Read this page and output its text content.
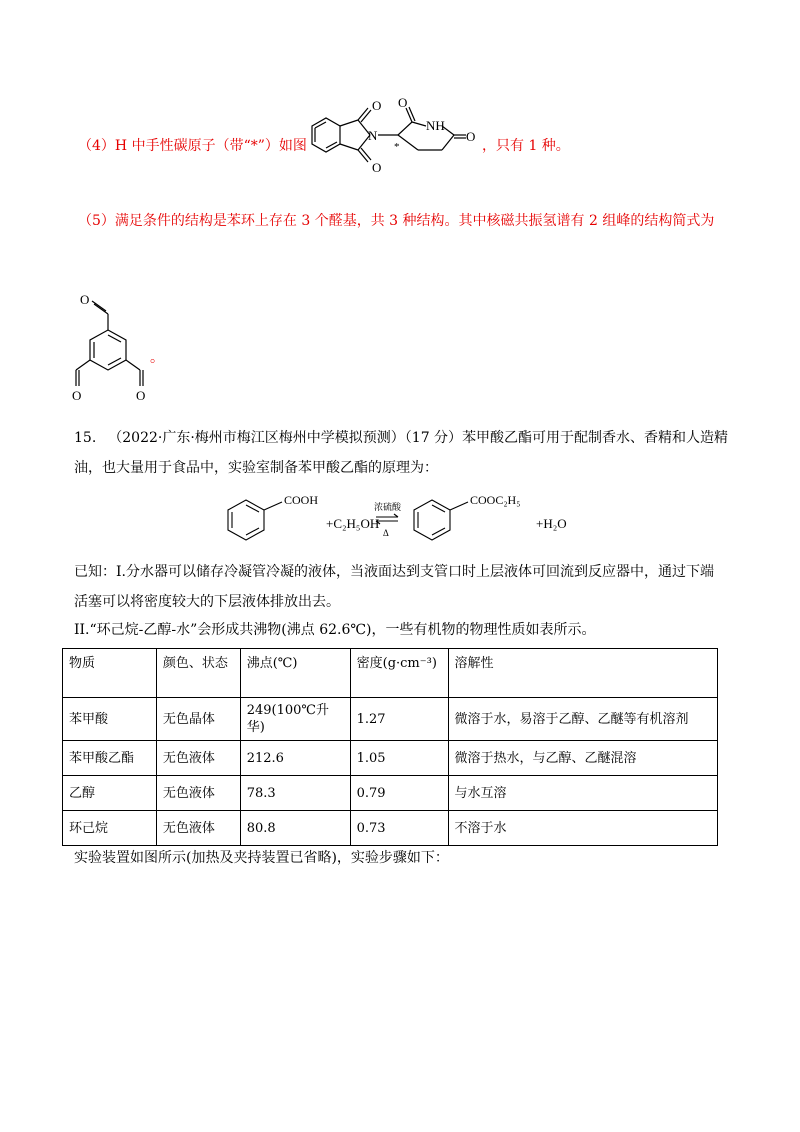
（4）H 中手性碳原子（带“*”）如图
O
NH
O
N
O
*
O
，只有 1 种。
（5）满足条件的结构是苯环上存在 3 个醛基，共 3 种结构。其中核磁共振氢谱有 2 组峰的结构简式为
O
O	O
。
15. （2022·广东·梅州市梅江区梅州中学模拟预测）（17 分）苯甲酸乙酯可用于配制香水、香精和人造精
油，也大量用于食品中，实验室制备苯甲酸乙酯的原理为：
COOH
+C₂H₅OH
浓硫酸
Δ
COOC₂H₅
+H₂O
已知：I.分水器可以储存冷凝管冷凝的液体，当液面达到支管口时上层液体可回流到反应器中，通过下端
活塞可以将密度较大的下层液体排放出去。
II.“环己烷-乙醇-水”会形成共沸物(沸点 62.6℃)，一些有机物的物理性质如表所示。
物质	颜色、状态	沸点(℃)	密度(g·cm⁻³)	溶解性
苯甲酸	无色晶体	249(100℃升华)	1.27	微溶于水，易溶于乙醇、乙醚等有机溶剂
苯甲酸乙酯	无色液体	212.6	1.05	微溶于热水，与乙醇、乙醚混溶
乙醇	无色液体	78.3	0.79	与水互溶
环己烷	无色液体	80.8	0.73	不溶于水
实验装置如图所示(加热及夹持装置已省略)，实验步骤如下：
